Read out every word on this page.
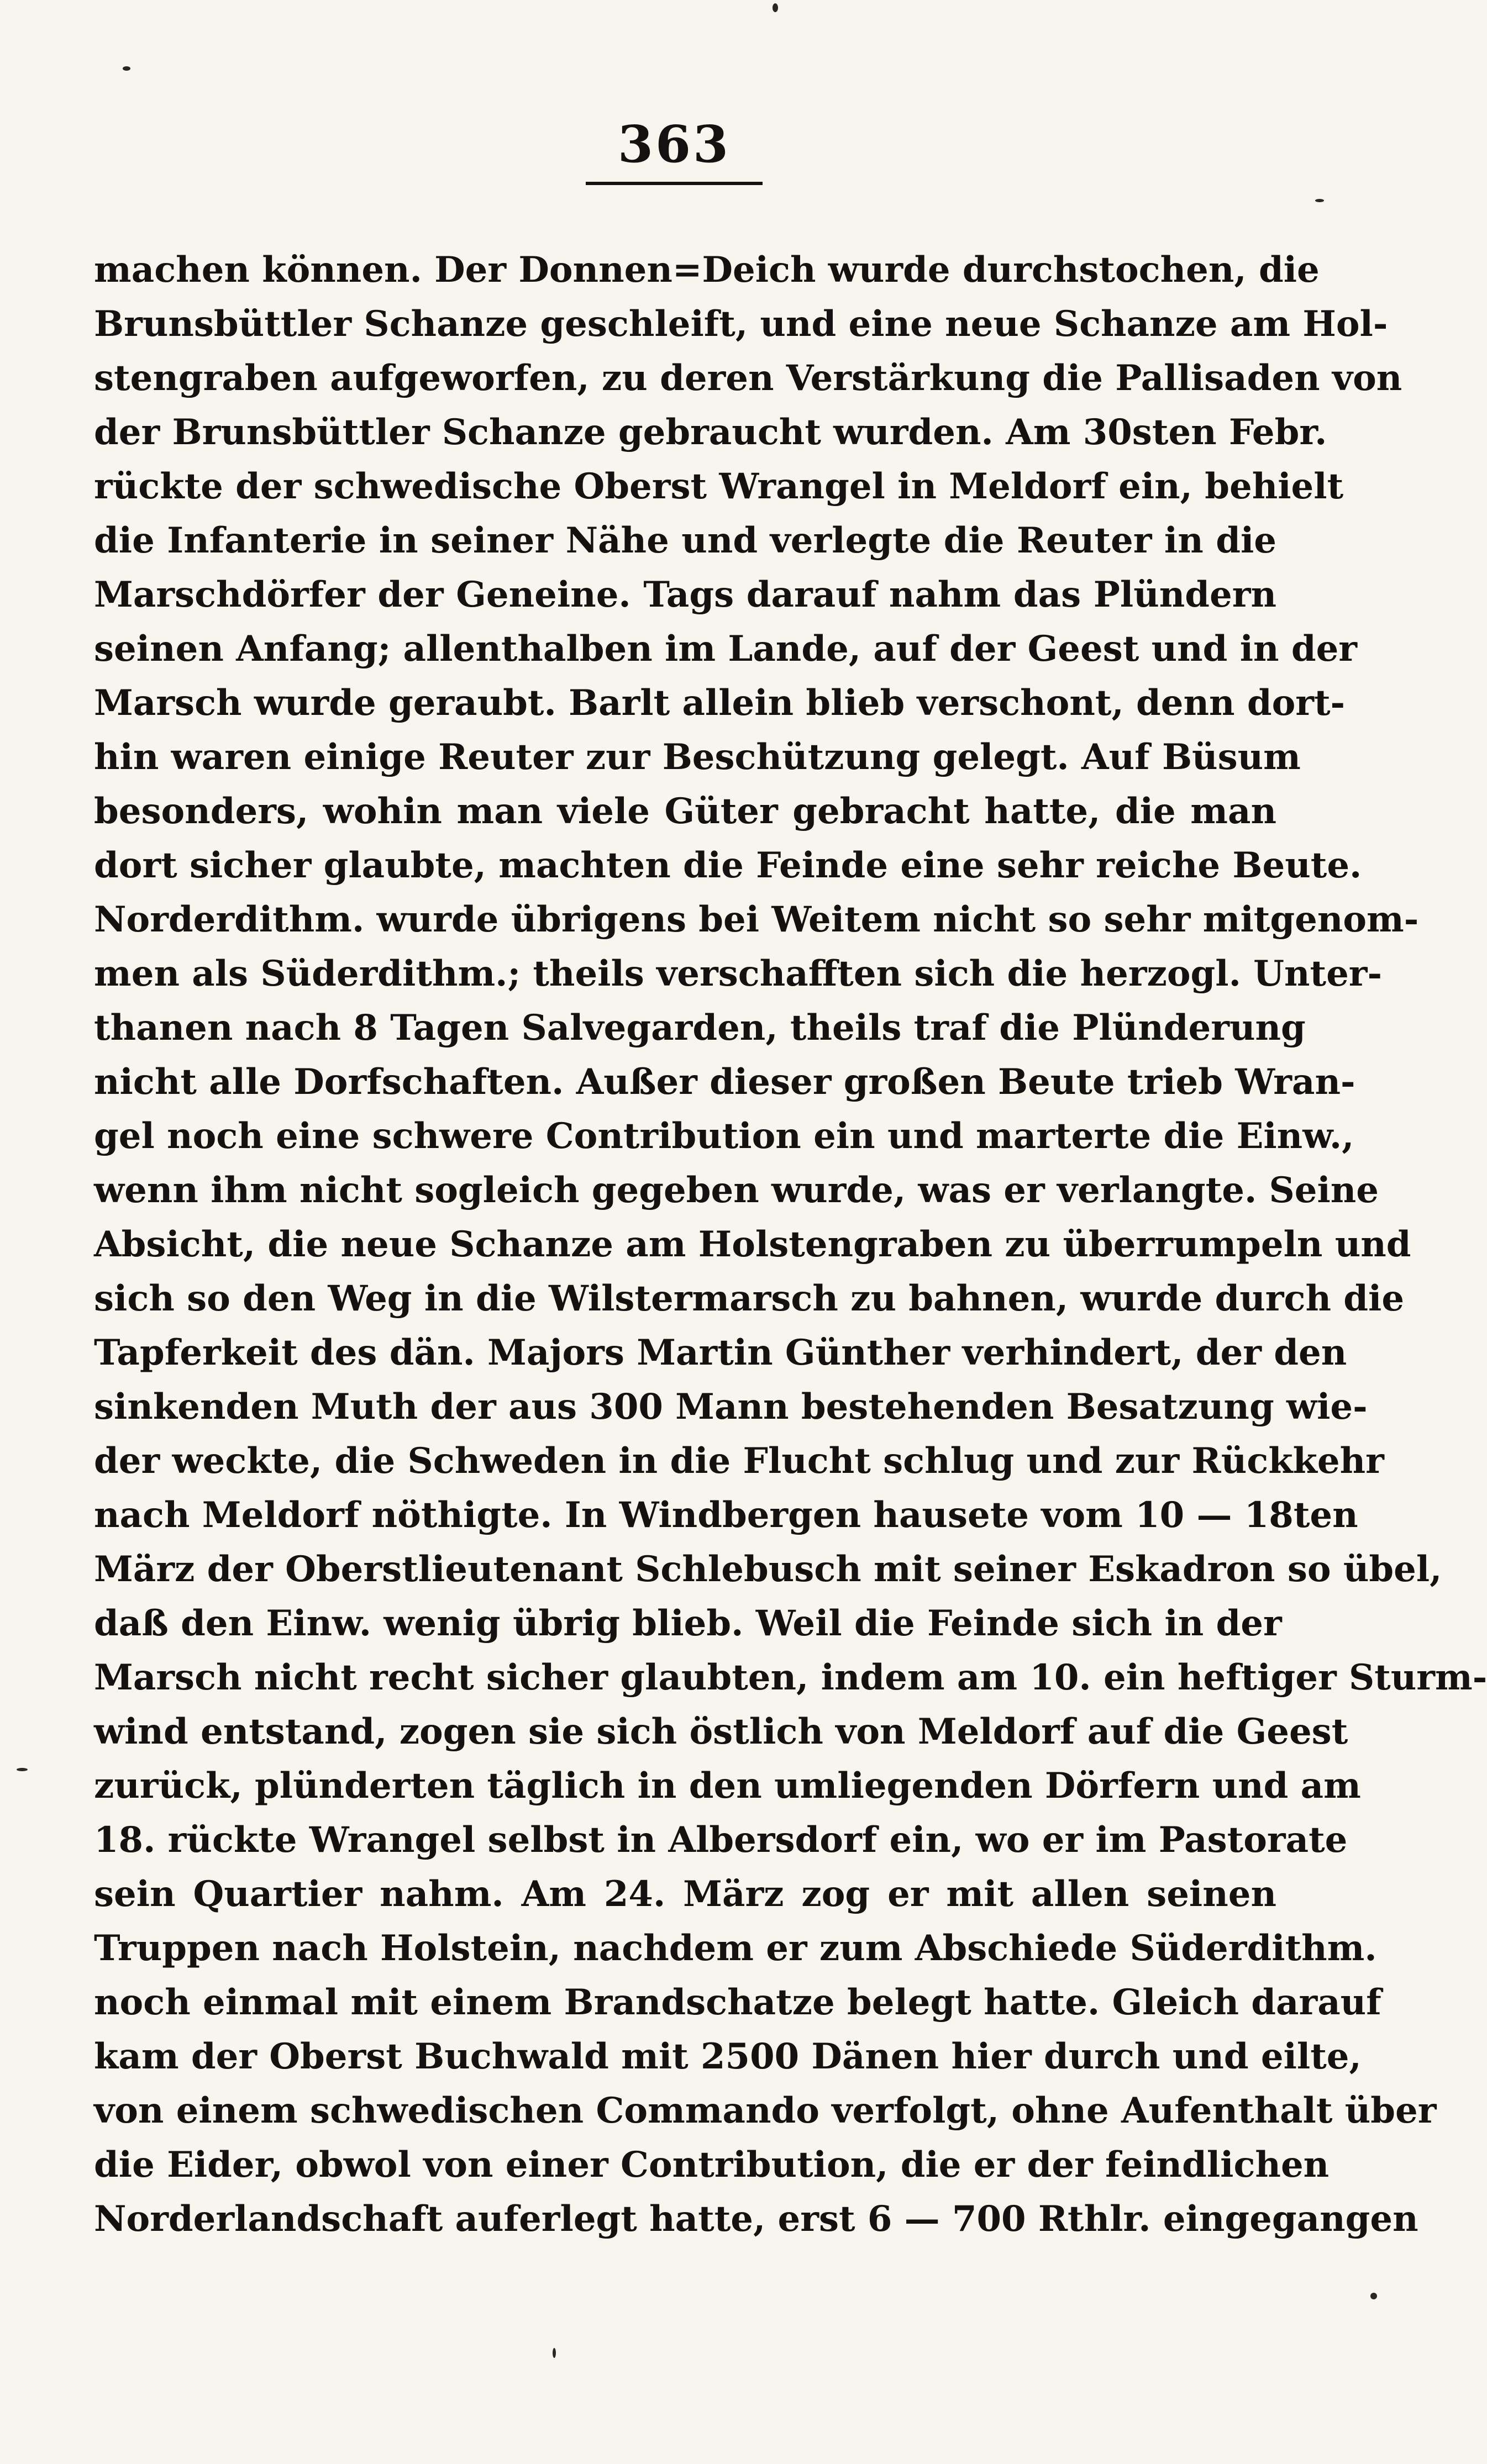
363
machen können. Der Donnen=Deich wurde durchstochen, die
Brunsbüttler Schanze geschleift, und eine neue Schanze am Hol-
stengraben aufgeworfen, zu deren Verstärkung die Pallisaden von
der Brunsbüttler Schanze gebraucht wurden. Am 30sten Febr.
rückte der schwedische Oberst Wrangel in Meldorf ein, behielt
die Infanterie in seiner Nähe und verlegte die Reuter in die
Marschdörfer der Geneine. Tags darauf nahm das Plündern
seinen Anfang; allenthalben im Lande, auf der Geest und in der
Marsch wurde geraubt. Barlt allein blieb verschont, denn dort-
hin waren einige Reuter zur Beschützung gelegt. Auf Büsum
besonders, wohin man viele Güter gebracht hatte, die man
dort sicher glaubte, machten die Feinde eine sehr reiche Beute.
Norderdithm. wurde übrigens bei Weitem nicht so sehr mitgenom-
men als Süderdithm.; theils verschafften sich die herzogl. Unter-
thanen nach 8 Tagen Salvegarden, theils traf die Plünderung
nicht alle Dorfschaften. Außer dieser großen Beute trieb Wran-
gel noch eine schwere Contribution ein und marterte die Einw.,
wenn ihm nicht sogleich gegeben wurde, was er verlangte. Seine
Absicht, die neue Schanze am Holstengraben zu überrumpeln und
sich so den Weg in die Wilstermarsch zu bahnen, wurde durch die
Tapferkeit des dän. Majors Martin Günther verhindert, der den
sinkenden Muth der aus 300 Mann bestehenden Besatzung wie-
der weckte, die Schweden in die Flucht schlug und zur Rückkehr
nach Meldorf nöthigte. In Windbergen hausete vom 10 — 18ten
März der Oberstlieutenant Schlebusch mit seiner Eskadron so übel,
daß den Einw. wenig übrig blieb. Weil die Feinde sich in der
Marsch nicht recht sicher glaubten, indem am 10. ein heftiger Sturm-
wind entstand, zogen sie sich östlich von Meldorf auf die Geest
zurück, plünderten täglich in den umliegenden Dörfern und am
18. rückte Wrangel selbst in Albersdorf ein, wo er im Pastorate
sein Quartier nahm. Am 24. März zog er mit allen seinen
Truppen nach Holstein, nachdem er zum Abschiede Süderdithm.
noch einmal mit einem Brandschatze belegt hatte. Gleich darauf
kam der Oberst Buchwald mit 2500 Dänen hier durch und eilte,
von einem schwedischen Commando verfolgt, ohne Aufenthalt über
die Eider, obwol von einer Contribution, die er der feindlichen
Norderlandschaft auferlegt hatte, erst 6 — 700 Rthlr. eingegangen
